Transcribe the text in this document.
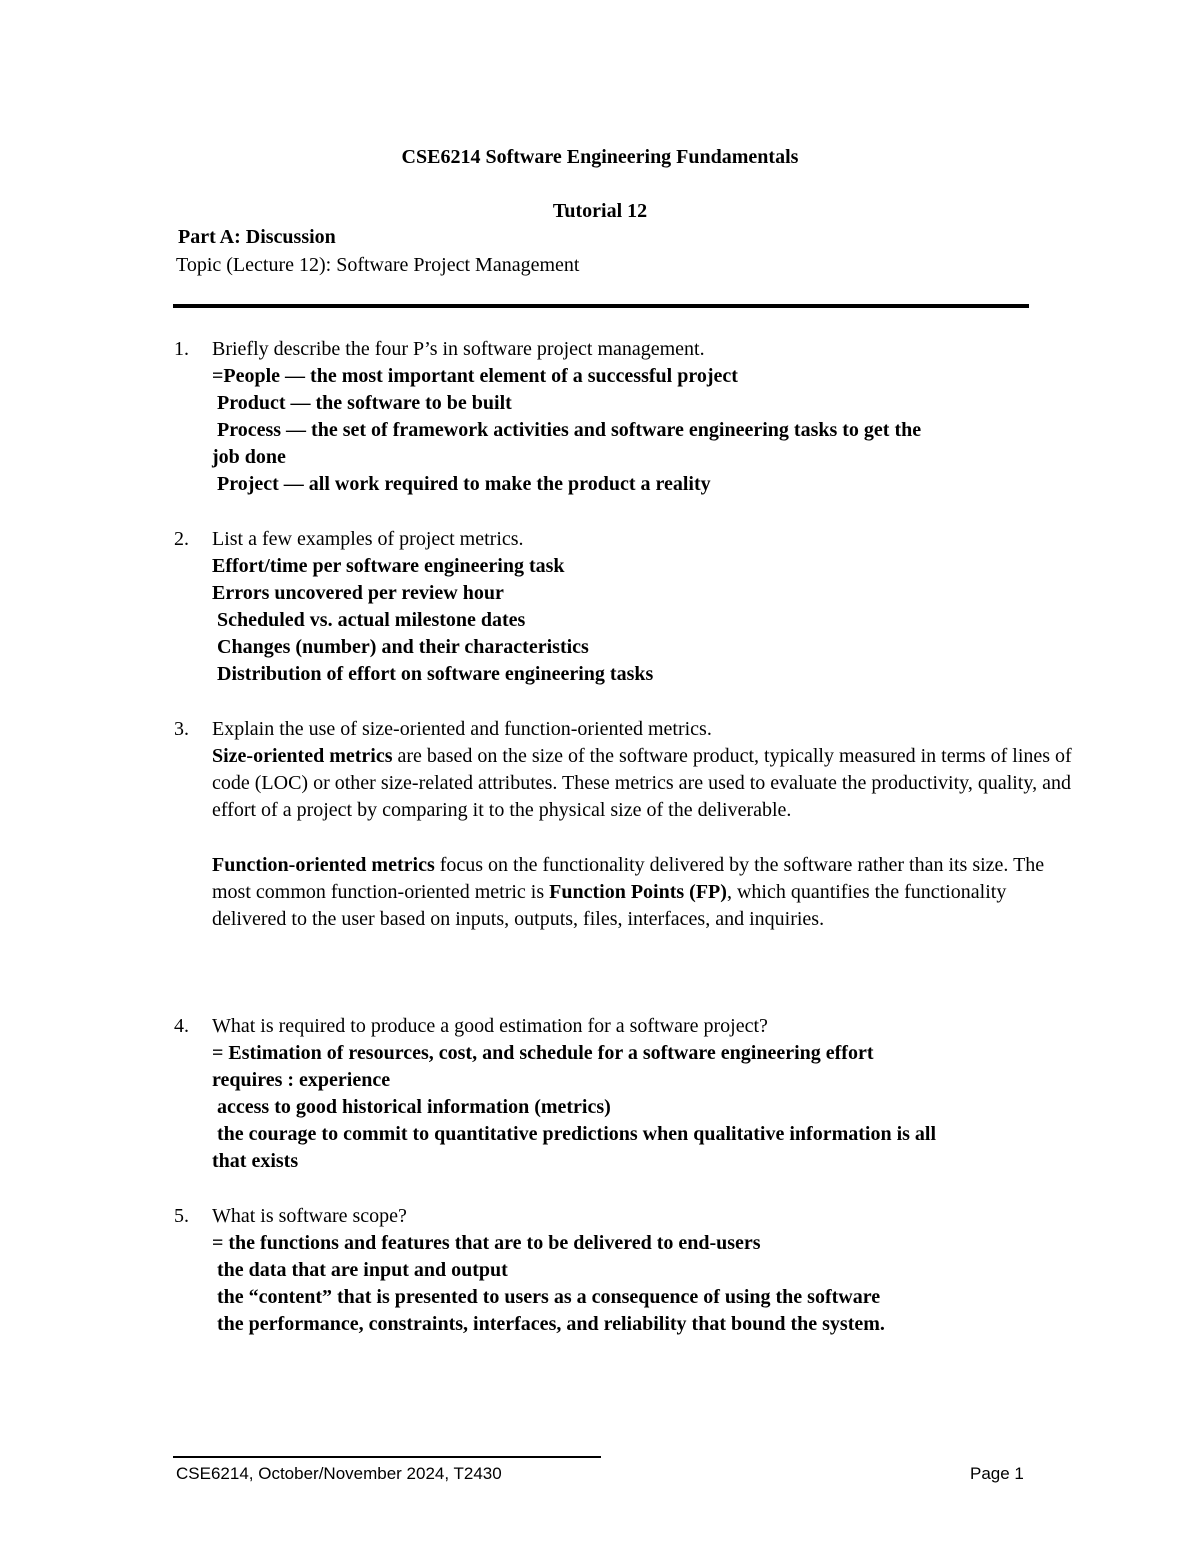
CSE6214 Software Engineering Fundamentals
Tutorial 12
Part A: Discussion
Topic (Lecture 12): Software Project Management
1. Briefly describe the four P’s in software project management.
=People — the most important element of a successful project
Product — the software to be built
Process — the set of framework activities and software engineering tasks to get the
job done
Project — all work required to make the product a reality
2. List a few examples of project metrics.
Effort/time per software engineering task
Errors uncovered per review hour
Scheduled vs. actual milestone dates
Changes (number) and their characteristics
Distribution of effort on software engineering tasks
3. Explain the use of size-oriented and function-oriented metrics.
Size-oriented metrics are based on the size of the software product, typically measured in terms of lines of code (LOC) or other size-related attributes. These metrics are used to evaluate the productivity, quality, and effort of a project by comparing it to the physical size of the deliverable.
Function-oriented metrics focus on the functionality delivered by the software rather than its size. The most common function-oriented metric is Function Points (FP), which quantifies the functionality delivered to the user based on inputs, outputs, files, interfaces, and inquiries.
4. What is required to produce a good estimation for a software project?
= Estimation of resources, cost, and schedule for a software engineering effort
requires : experience
access to good historical information (metrics)
the courage to commit to quantitative predictions when qualitative information is all
that exists
5. What is software scope?
= the functions and features that are to be delivered to end-users
the data that are input and output
the “content” that is presented to users as a consequence of using the software
the performance, constraints, interfaces, and reliability that bound the system.
CSE6214, October/November 2024, T2430	Page 1
